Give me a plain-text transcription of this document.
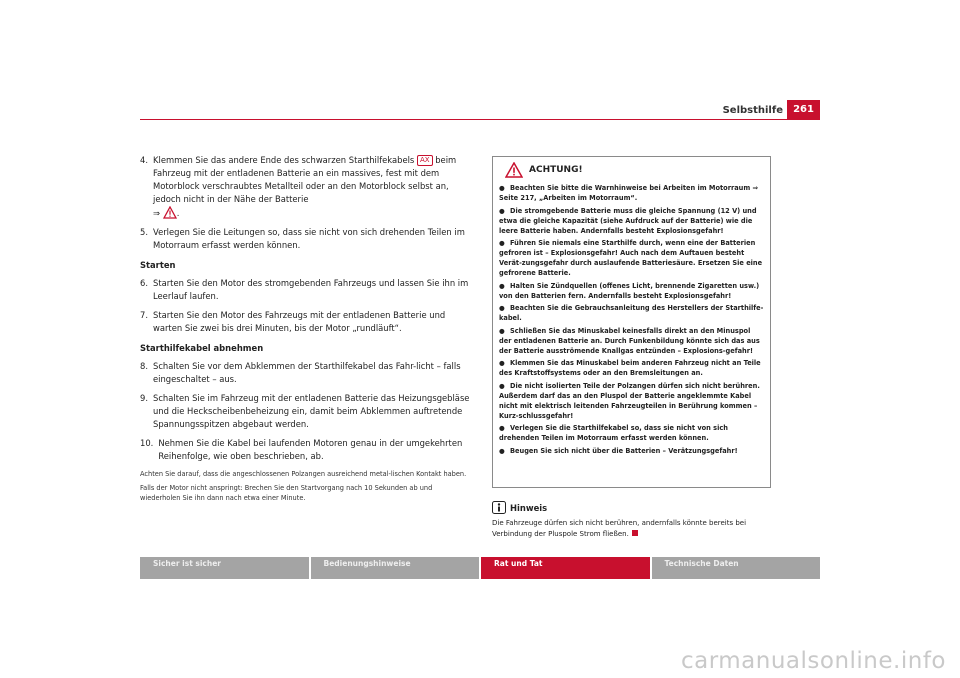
Selbsthilfe	261
4. Klemmen Sie das andere Ende des schwarzen Starthilfekabels AX beim Fahrzeug mit der entladenen Batterie an ein massives, fest mit dem Motorblock verschraubtes Metallteil oder an den Motorblock selbst an, jedoch nicht in der Nähe der Batterie
⇒ .
5. Verlegen Sie die Leitungen so, dass sie nicht von sich drehenden Teilen im Motorraum erfasst werden können.
Starten
6. Starten Sie den Motor des stromgebenden Fahrzeugs und lassen Sie ihn im Leerlauf laufen.
7. Starten Sie den Motor des Fahrzeugs mit der entladenen Batterie und warten Sie zwei bis drei Minuten, bis der Motor „rundläuft“.
Starthilfekabel abnehmen
8. Schalten Sie vor dem Abklemmen der Starthilfekabel das Fahr-licht – falls eingeschaltet – aus.
9. Schalten Sie im Fahrzeug mit der entladenen Batterie das Heizungsgebläse und die Heckscheibenbeheizung ein, damit beim Abklemmen auftretende Spannungsspitzen abgebaut werden.
10. Nehmen Sie die Kabel bei laufenden Motoren genau in der umgekehrten Reihenfolge, wie oben beschrieben, ab.
Achten Sie darauf, dass die angeschlossenen Polzangen ausreichend metal-lischen Kontakt haben.
Falls der Motor nicht anspringt: Brechen Sie den Startvorgang nach 10 Sekunden ab und wiederholen Sie ihn dann nach etwa einer Minute.
ACHTUNG!
● Beachten Sie bitte die Warnhinweise bei Arbeiten im Motorraum ⇒ Seite 217, „Arbeiten im Motorraum“.
● Die stromgebende Batterie muss die gleiche Spannung (12 V) und etwa die gleiche Kapazität (siehe Aufdruck auf der Batterie) wie die leere Batterie haben. Andernfalls besteht Explosionsgefahr!
● Führen Sie niemals eine Starthilfe durch, wenn eine der Batterien gefroren ist – Explosionsgefahr! Auch nach dem Auftauen besteht Verät-zungsgefahr durch auslaufende Batteriesäure. Ersetzen Sie eine gefrorene Batterie.
● Halten Sie Zündquellen (offenes Licht, brennende Zigaretten usw.) von den Batterien fern. Andernfalls besteht Explosionsgefahr!
● Beachten Sie die Gebrauchsanleitung des Herstellers der Starthilfe-kabel.
● Schließen Sie das Minuskabel keinesfalls direkt an den Minuspol der entladenen Batterie an. Durch Funkenbildung könnte sich das aus der Batterie ausströmende Knallgas entzünden – Explosions-gefahr!
● Klemmen Sie das Minuskabel beim anderen Fahrzeug nicht an Teile des Kraftstoffsystems oder an den Bremsleitungen an.
● Die nicht isolierten Teile der Polzangen dürfen sich nicht berühren. Außerdem darf das an den Pluspol der Batterie angeklemmte Kabel nicht mit elektrisch leitenden Fahrzeugteilen in Berührung kommen – Kurz-schlussgefahr!
● Verlegen Sie die Starthilfekabel so, dass sie nicht von sich drehenden Teilen im Motorraum erfasst werden können.
● Beugen Sie sich nicht über die Batterien – Verätzungsgefahr!
Hinweis
Die Fahrzeuge dürfen sich nicht berühren, andernfalls könnte bereits bei Verbindung der Pluspole Strom fließen.
Sicher ist sicher	Bedienungshinweise	Rat und Tat	Technische Daten
carmanualsonline.info
